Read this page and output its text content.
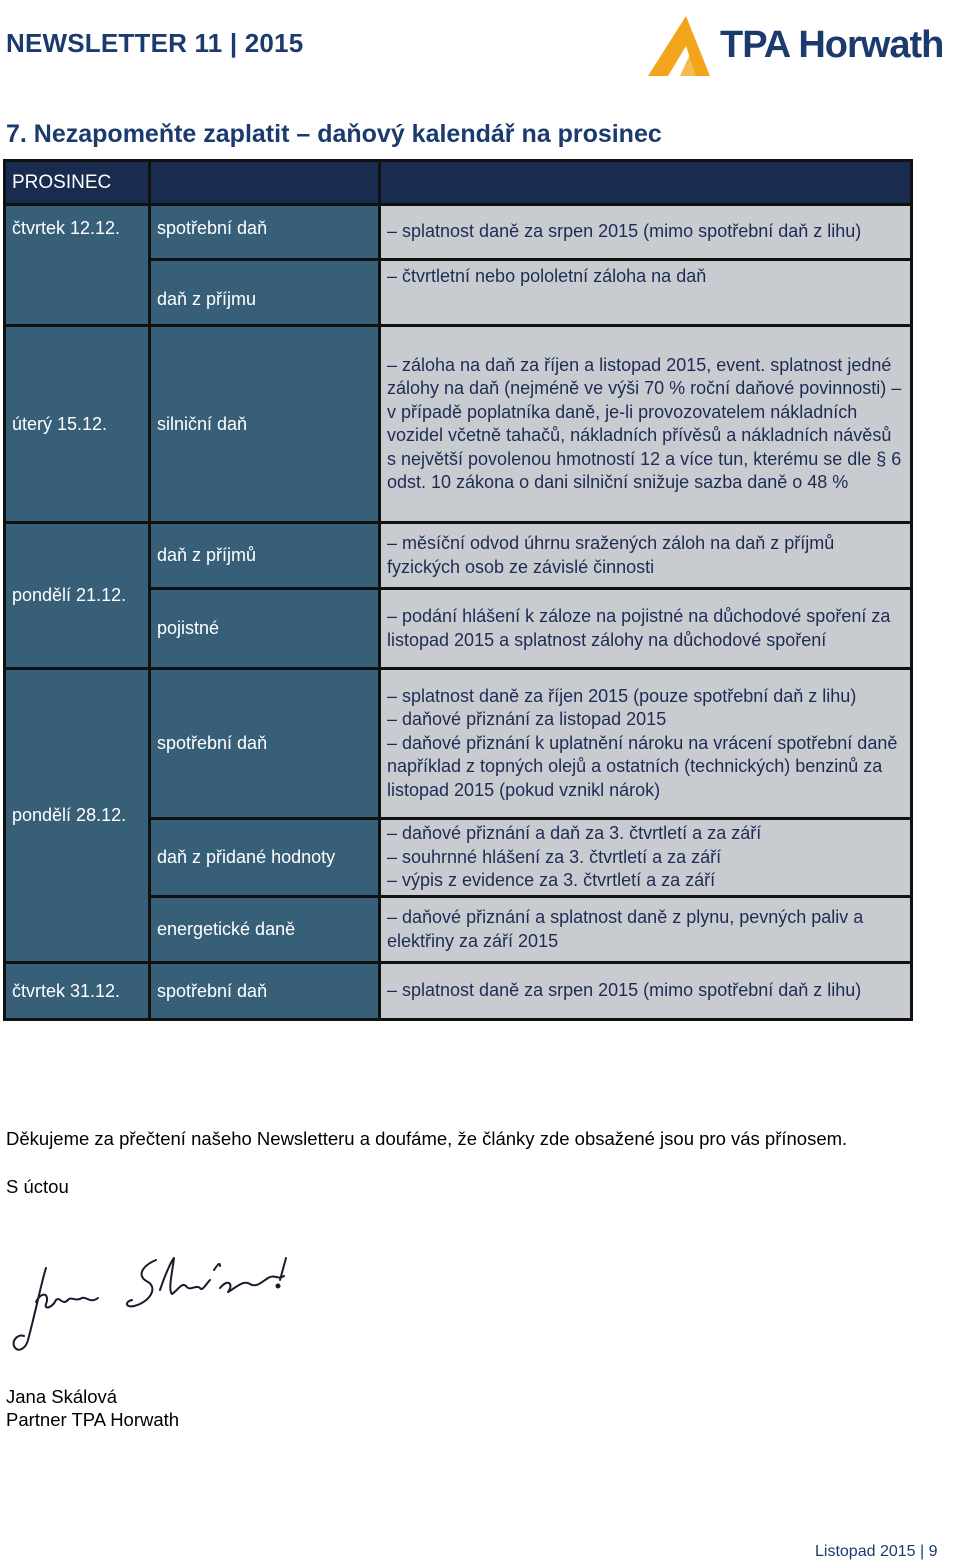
NEWSLETTER 11 | 2015	TPA Horwath
7. Nezapomeňte zaplatit – daňový kalendář na prosinec
PROSINEC		
čtvrtek 12.12.	spotřební daň	– splatnost daně za srpen 2015 (mimo spotřební daň z lihu)

	daň z příjmu	– čtvrtletní nebo pololetní záloha na daň

úterý 15.12.	silniční daň	– záloha na daň za říjen a listopad 2015, event. splatnost jedné zálohy na daň (nejméně ve výši 70 % roční daňové povinnosti) – v případě poplatníka daně, je-li provozovatelem nákladních vozidel včetně tahačů, nákladních přívěsů a nákladních návěsů s největší povolenou hmotností 12 a více tun, kterému se dle § 6 odst. 10 zákona o dani silniční snižuje sazba daně o 48 %

pondělí 21.12.	daň z příjmů	– měsíční odvod úhrnu sražených záloh na daň z příjmů fyzických osob ze závislé činnosti

	pojistné	– podání hlášení k záloze na pojistné na důchodové spoření za listopad 2015 a splatnost zálohy na důchodové spoření

pondělí 28.12.	spotřební daň	– splatnost daně za říjen 2015 (pouze spotřební daň z lihu)
– daňové přiznání za listopad 2015
– daňové přiznání k uplatnění nároku na vrácení spotřební daně například z topných olejů a ostatních (technických) benzinů za listopad 2015 (pokud vznikl nárok)

	daň z přidané hodnoty	– daňové přiznání a daň za 3. čtvrtletí a za září
– souhrnné hlášení za 3. čtvrtletí a za září
– výpis z evidence za 3. čtvrtletí a za září

	energetické daně	– daňové přiznání a splatnost daně z plynu, pevných paliv a elektřiny za září 2015

čtvrtek 31.12.	spotřební daň	– splatnost daně za srpen 2015 (mimo spotřební daň z lihu)
Děkujeme za přečtení našeho Newsletteru a doufáme, že články zde obsažené jsou pro vás přínosem.
S úctou
Jana Skálová
Partner TPA Horwath
Listopad 2015 | 9
